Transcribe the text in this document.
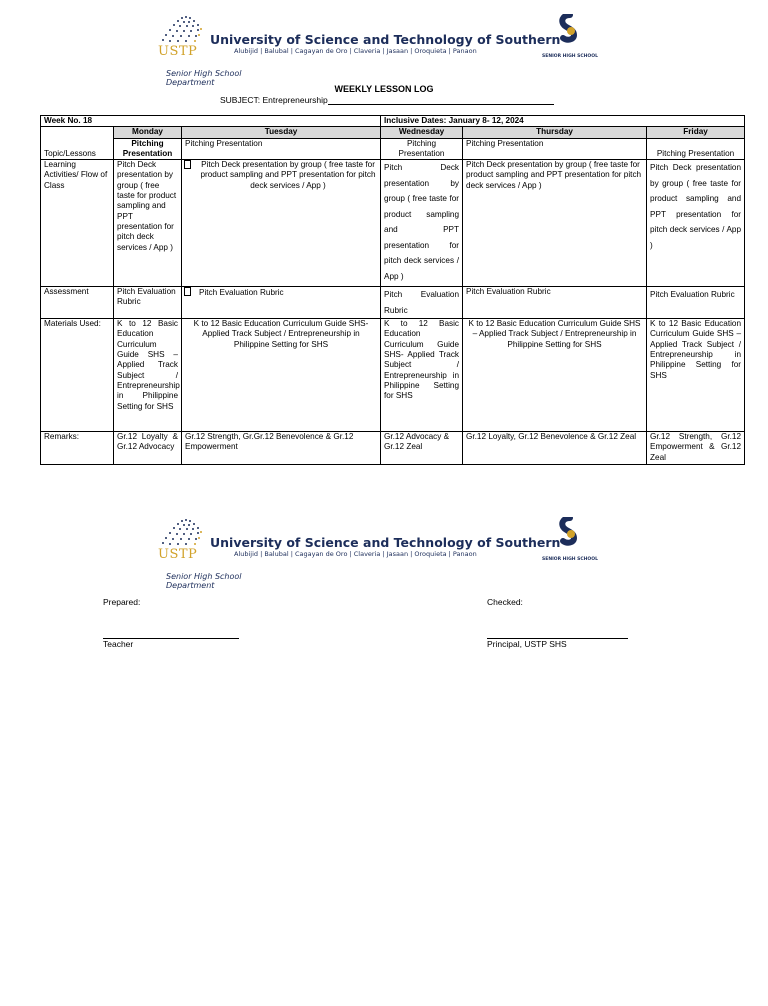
USTP
University of Science and Technology of Southern
Alubijid | Balubal | Cagayan de Oro | Claveria | Jasaan | Oroquieta | Panaon
Senior High School Department
SENIOR HIGH SCHOOL
WEEKLY LESSON LOG
SUBJECT: Entrepreneurship
Week No. 18			Inclusive Dates: January 8- 12, 2024		
	Monday	Tuesday	Wednesday	Thursday	Friday
Topic/Lessons	Pitching Presentation	Pitching Presentation	Pitching Presentation	Pitching Presentation	Pitching Presentation
Learning Activities/ Flow of Class	Pitch Deck presentation by group ( free taste for product sampling and PPT presentation for pitch deck services / App )	Pitch Deck presentation by group ( free taste for product sampling and PPT presentation for pitch deck services / App )	Pitch Deck presentation by group ( free taste for product sampling and PPT presentation for pitch deck services / App )	Pitch Deck presentation by group ( free taste for product sampling and PPT presentation for pitch deck services / App )	Pitch Deck presentation by group ( free taste for product sampling and PPT presentation for pitch deck services / App )
Assessment	Pitch Evaluation Rubric	Pitch Evaluation Rubric	Pitch Evaluation Rubric	Pitch Evaluation Rubric	Pitch Evaluation Rubric
Materials Used:	K to 12 Basic Education Curriculum Guide SHS – Applied Track Subject / Entrepreneurship in Philippine Setting for SHS	K to 12 Basic Education Curriculum Guide SHS- Applied Track Subject / Entrepreneurship in Philippine Setting for SHS	K to 12 Basic Education Curriculum Guide SHS- Applied Track Subject / Entrepreneurship in Philippine Setting for SHS	K to 12 Basic Education Curriculum Guide SHS – Applied Track Subject / Entrepreneurship in Philippine Setting for SHS	K to 12 Basic Education Curriculum Guide SHS – Applied Track Subject / Entrepreneurship in Philippine Setting for SHS
Remarks:	Gr.12 Loyalty & Gr.12 Advocacy	Gr.12 Strength, Gr.Gr.12 Benevolence & Gr.12 Empowerment	Gr.12 Advocacy & Gr.12 Zeal	Gr.12 Loyalty, Gr.12 Benevolence & Gr.12 Zeal	Gr.12 Strength, Gr.12 Empowerment & Gr.12 Zeal
USTP
University of Science and Technology of Southern
Alubijid | Balubal | Cagayan de Oro | Claveria | Jasaan | Oroquieta | Panaon
Senior High School Department
SENIOR HIGH SCHOOL
Prepared:	Checked:
Teacher	Principal, USTP SHS
